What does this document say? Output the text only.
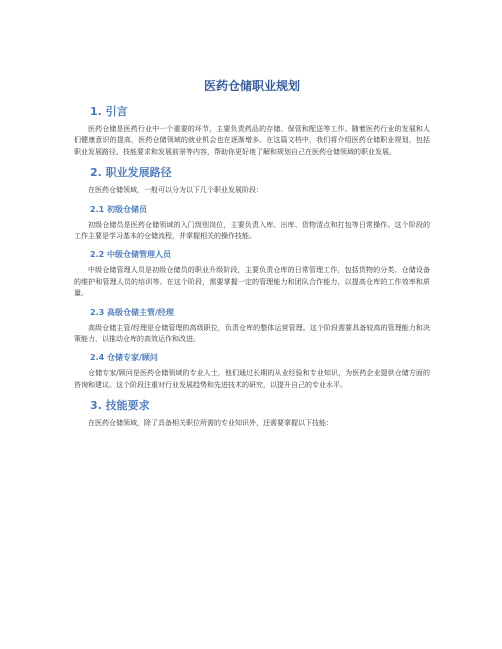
医药仓储职业规划
1. 引言

医药仓储是医药行业中一个重要的环节，主要负责药品的存储、保管和配送等工作。随着医药行业的发展和人们健康意识的提高，医药仓储领域的就业机会也在逐渐增多。在这篇文档中，我们将介绍医药仓储职业规划，包括职业发展路径、技能要求和发展前景等内容，帮助你更好地了解和规划自己在医药仓储领域的职业发展。

2. 职业发展路径

在医药仓储领域，一般可以分为以下几个职业发展阶段：

2.1 初级仓储员

初级仓储员是医药仓储领域的入门级别岗位，主要负责入库、出库、货物清点和打包等日常操作。这个阶段的工作主要是学习基本的仓储流程，并掌握相关的操作技能。

2.2 中级仓储管理人员

中级仓储管理人员是初级仓储员的职业升级阶段，主要负责仓库的日常管理工作，包括货物的分类、仓储设备的维护和管理人员的培训等。在这个阶段，需要掌握一定的管理能力和团队合作能力，以提高仓库的工作效率和质量。

2.3 高级仓储主管/经理

高级仓储主管/经理是仓储管理的高级职位，负责仓库的整体运营管理。这个阶段需要具备较高的管理能力和决策能力，以推动仓库的高效运作和改进。

2.4 仓储专家/顾问

仓储专家/顾问是医药仓储领域的专业人士，他们通过长期的从业经验和专业知识，为医药企业提供仓储方面的咨询和建议。这个阶段注重对行业发展趋势和先进技术的研究，以提升自己的专业水平。

3. 技能要求

在医药仓储领域，除了具备相关职位所需的专业知识外，还需要掌握以下技能：
